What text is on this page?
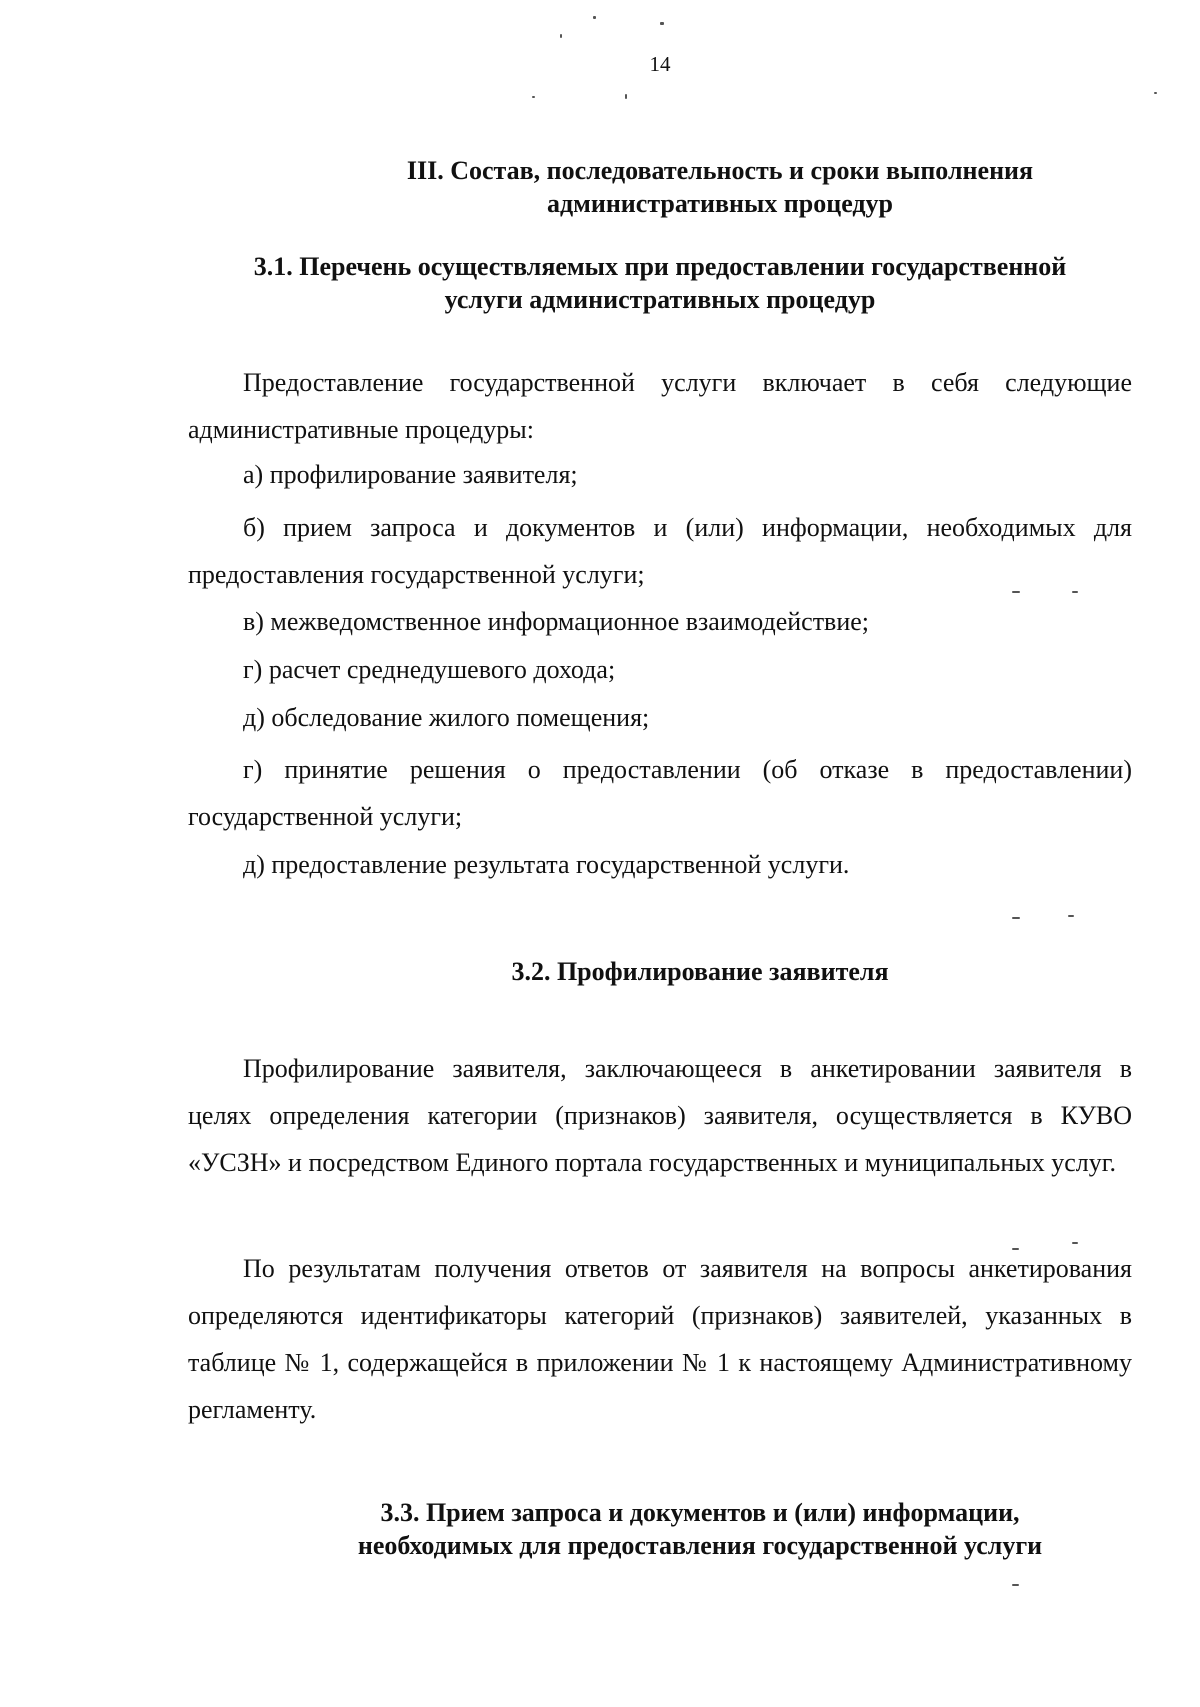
14
III. Состав, последовательность и сроки выполнения
административных процедур
3.1. Перечень осуществляемых при предоставлении государственной
услуги административных процедур
Предоставление государственной услуги включает в себя следующие административные процедуры:
а) профилирование заявителя;
б) прием запроса и документов и (или) информации, необходимых для предоставления государственной услуги;
в) межведомственное информационное взаимодействие;
г) расчет среднедушевого дохода;
д) обследование жилого помещения;
г) принятие решения о предоставлении (об отказе в предоставлении) государственной услуги;
д) предоставление результата государственной услуги.
3.2. Профилирование заявителя
Профилирование заявителя, заключающееся в анкетировании заявителя в целях определения категории (признаков) заявителя, осуществляется в КУВО «УСЗН» и посредством Единого портала государственных и муниципальных услуг.
По результатам получения ответов от заявителя на вопросы анкетирования определяются идентификаторы категорий (признаков) заявителей, указанных в таблице № 1, содержащейся в приложении № 1 к настоящему Административному регламенту.
3.3. Прием запроса и документов и (или) информации,
необходимых для предоставления государственной услуги
